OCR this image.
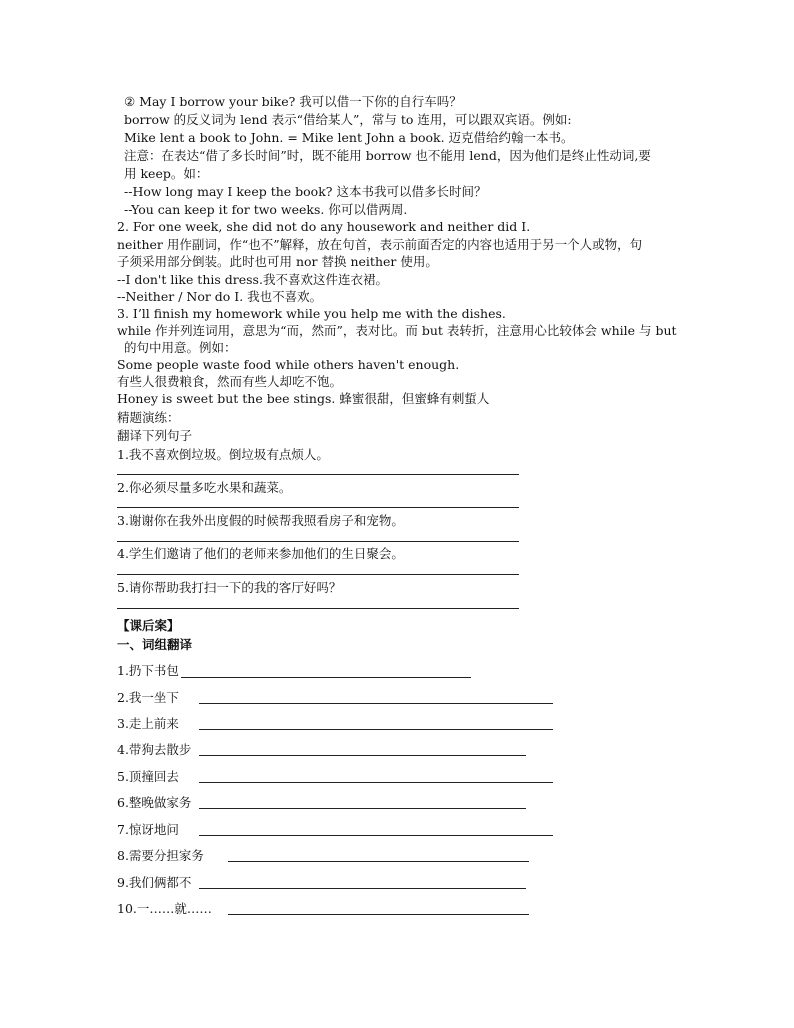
② May I borrow your bike? 我可以借一下你的自行车吗？
borrow 的反义词为 lend 表示“借给某人”，常与 to 连用，可以跟双宾语。例如:
Mike lent a book to John. = Mike lent John a book. 迈克借给约翰一本书。
注意：在表达“借了多长时间”时，既不能用 borrow 也不能用 lend，因为他们是终止性动词,要
用 keep。如：
--How long may I keep the book? 这本书我可以借多长时间？
--You can keep it for two weeks. 你可以借两周.
2. For one week, she did not do any housework and neither did I.
neither 用作副词，作“也不”解释，放在句首，表示前面否定的内容也适用于另一个人或物，句
子须采用部分倒装。此时也可用 nor 替换 neither 使用。
--I don't like this dress.我不喜欢这件连衣裙。
--Neither / Nor do I. 我也不喜欢。
3. I’ll finish my homework while you help me with the dishes.
while 作并列连词用，意思为“而，然而”，表对比。而 but 表转折，注意用心比较体会 while 与 but
的句中用意。例如：
Some people waste food while others haven't enough.
有些人很费粮食，然而有些人却吃不饱。
Honey is sweet but the bee stings. 蜂蜜很甜，但蜜蜂有刺蜇人
精题演练：
翻译下列句子
1.我不喜欢倒垃圾。倒垃圾有点烦人。
2.你必须尽量多吃水果和蔬菜。
3.谢谢你在我外出度假的时候帮我照看房子和宠物。
4.学生们邀请了他们的老师来参加他们的生日聚会。
5.请你帮助我打扫一下的我的客厅好吗？
【课后案】
一、词组翻译
1.扔下书包
2.我一坐下
3.走上前来
4.带狗去散步
5.顶撞回去
6.整晚做家务
7.惊讶地问
8.需要分担家务
9.我们俩都不
10.一……就……
